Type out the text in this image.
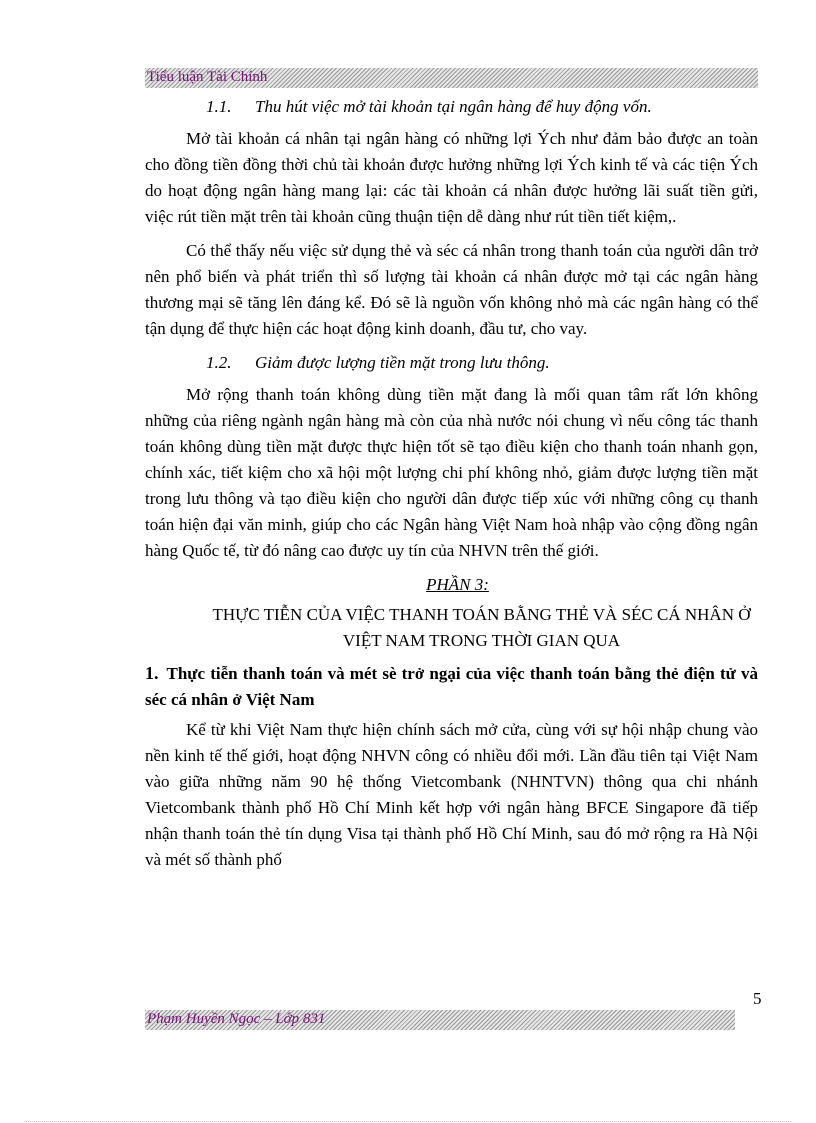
Tiểu luận Tài Chính
1.1. Thu hút việc mở tài khoản tại ngân hàng để huy động vốn.

Mở tài khoản cá nhân tại ngân hàng có những lợi Ých như đảm bảo được an toàn cho đồng tiền đồng thời chủ tài khoản được hưởng những lợi Ých kinh tế và các tiện Ých do hoạt động ngân hàng mang lại: các tài khoản cá nhân được hưởng lãi suất tiền gửi, việc rút tiền mặt trên tài khoản cũng thuận tiện dễ dàng như rút tiền tiết kiệm,.

Có thể thấy nếu việc sử dụng thẻ và séc cá nhân trong thanh toán của người dân trở nên phổ biến và phát triển thì số lượng tài khoản cá nhân được mở tại các ngân hàng thương mại sẽ tăng lên đáng kể. Đó sẽ là nguồn vốn không nhỏ mà các ngân hàng có thể tận dụng để thực hiện các hoạt động kinh doanh, đầu tư, cho vay.

1.2. Giảm được lượng tiền mặt trong lưu thông.

Mở rộng thanh toán không dùng tiền mặt đang là mối quan tâm rất lớn không những của riêng ngành ngân hàng mà còn của nhà nước nói chung vì nếu công tác thanh toán không dùng tiền mặt được thực hiện tốt sẽ tạo điều kiện cho thanh toán nhanh gọn, chính xác, tiết kiệm cho xã hội một lượng chi phí không nhỏ, giảm được lượng tiền mặt trong lưu thông và tạo điều kiện cho người dân được tiếp xúc với những công cụ thanh toán hiện đại văn minh, giúp cho các Ngân hàng Việt Nam hoà nhập vào cộng đồng ngân hàng Quốc tế, từ đó nâng cao được uy tín của NHVN trên thế giới.

PHẦN 3:
THỰC TIỄN CỦA VIỆC THANH TOÁN BẰNG THẺ VÀ SÉC CÁ NHÂN Ở VIỆT NAM TRONG THỜI GIAN QUA
1. Thực tiễn thanh toán và mét sè trở ngại của việc thanh toán bằng thẻ điện tử và séc cá nhân ở Việt Nam

Kể từ khi Việt Nam thực hiện chính sách mở cửa, cùng với sự hội nhập chung vào nền kinh tế thế giới, hoạt động NHVN công có nhiều đổi mới. Lần đầu tiên tại Việt Nam vào giữa những năm 90 hệ thống Vietcombank (NHNTVN) thông qua chi nhánh Vietcombank thành phố Hồ Chí Minh kết hợp với ngân hàng BFCE Singapore đã tiếp nhận thanh toán thẻ tín dụng Visa tại thành phố Hồ Chí Minh, sau đó mở rộng ra Hà Nội và mét số thành phố

5
Phạm Huyền Ngọc – Lớp 831
